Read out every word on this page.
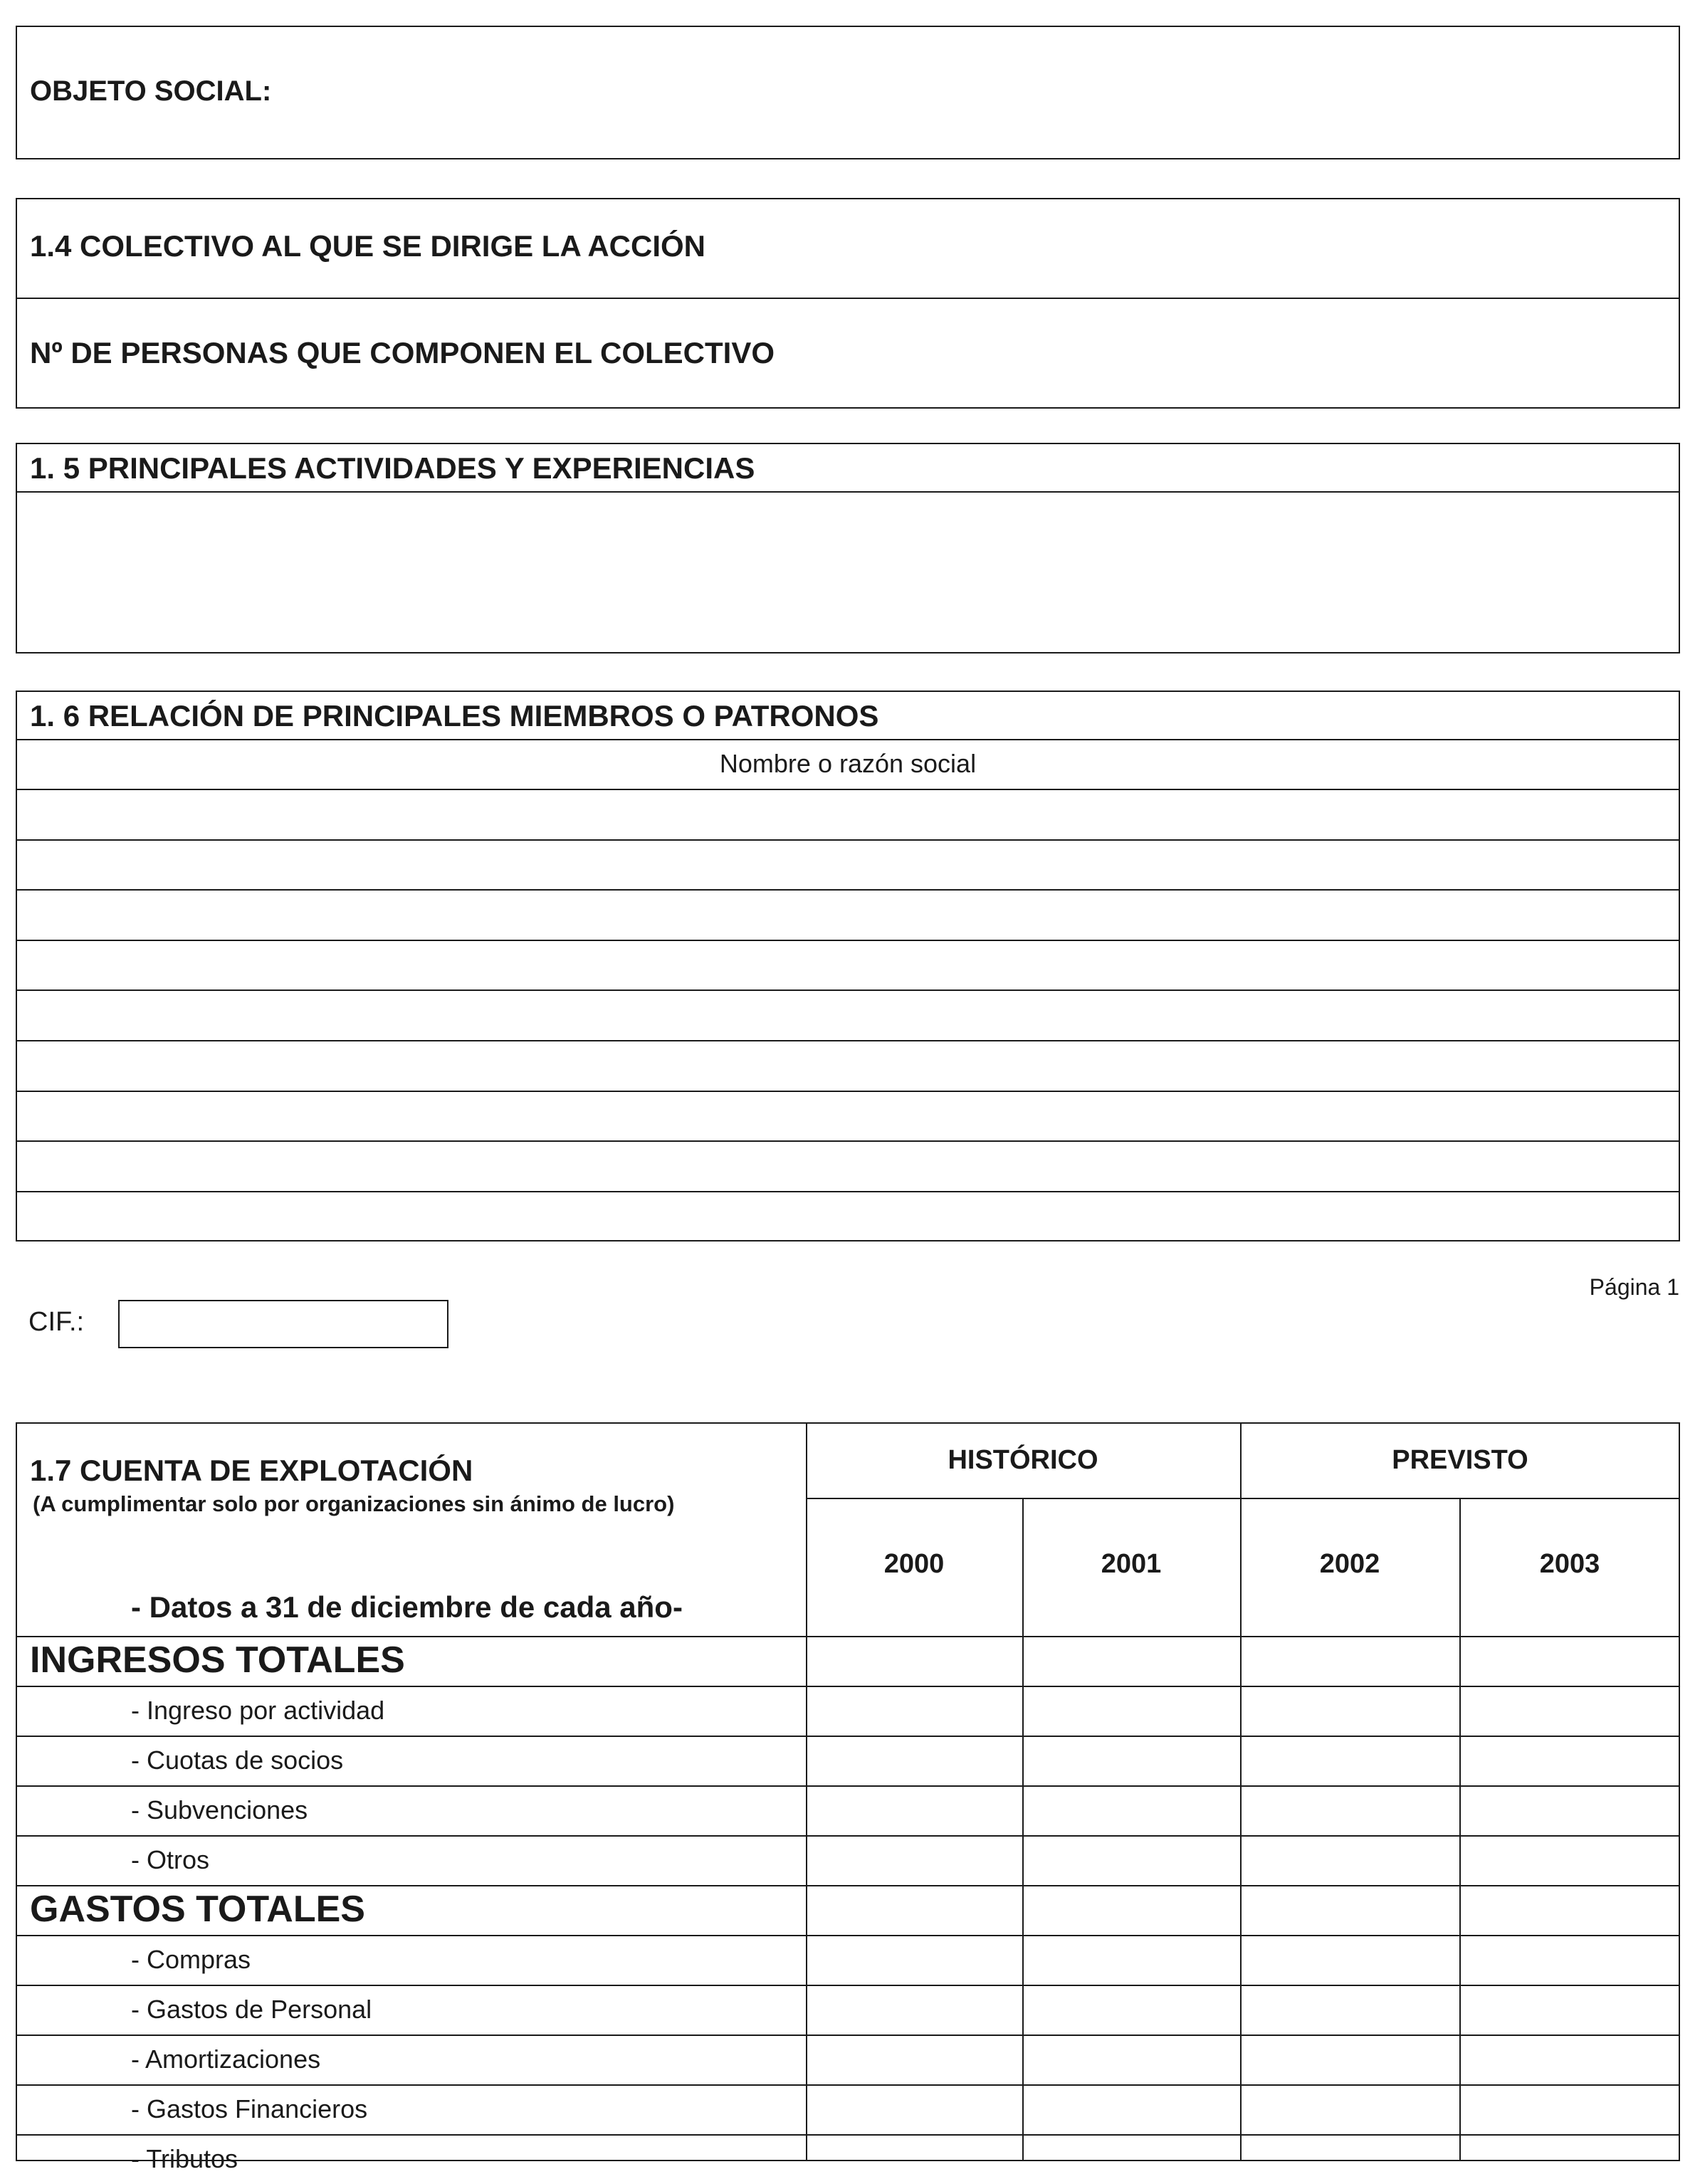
OBJETO SOCIAL:
1.4 COLECTIVO AL QUE SE DIRIGE LA ACCIÓN
Nº DE PERSONAS QUE COMPONEN EL COLECTIVO
1. 5 PRINCIPALES ACTIVIDADES Y EXPERIENCIAS
1. 6 RELACIÓN DE PRINCIPALES MIEMBROS O PATRONOS
Nombre o razón social
Página 1
CIF.:
1.7 CUENTA DE EXPLOTACIÓN
(A cumplimentar solo por organizaciones sin ánimo de lucro)
- Datos a 31 de diciembre de cada año-
HISTÓRICO	PREVISTO
2000	2001	2002	2003
INGRESOS TOTALES
- Ingreso por actividad
- Cuotas de socios
- Subvenciones
- Otros
GASTOS TOTALES
- Compras
- Gastos de Personal
- Amortizaciones
- Gastos Financieros
- Tributos
